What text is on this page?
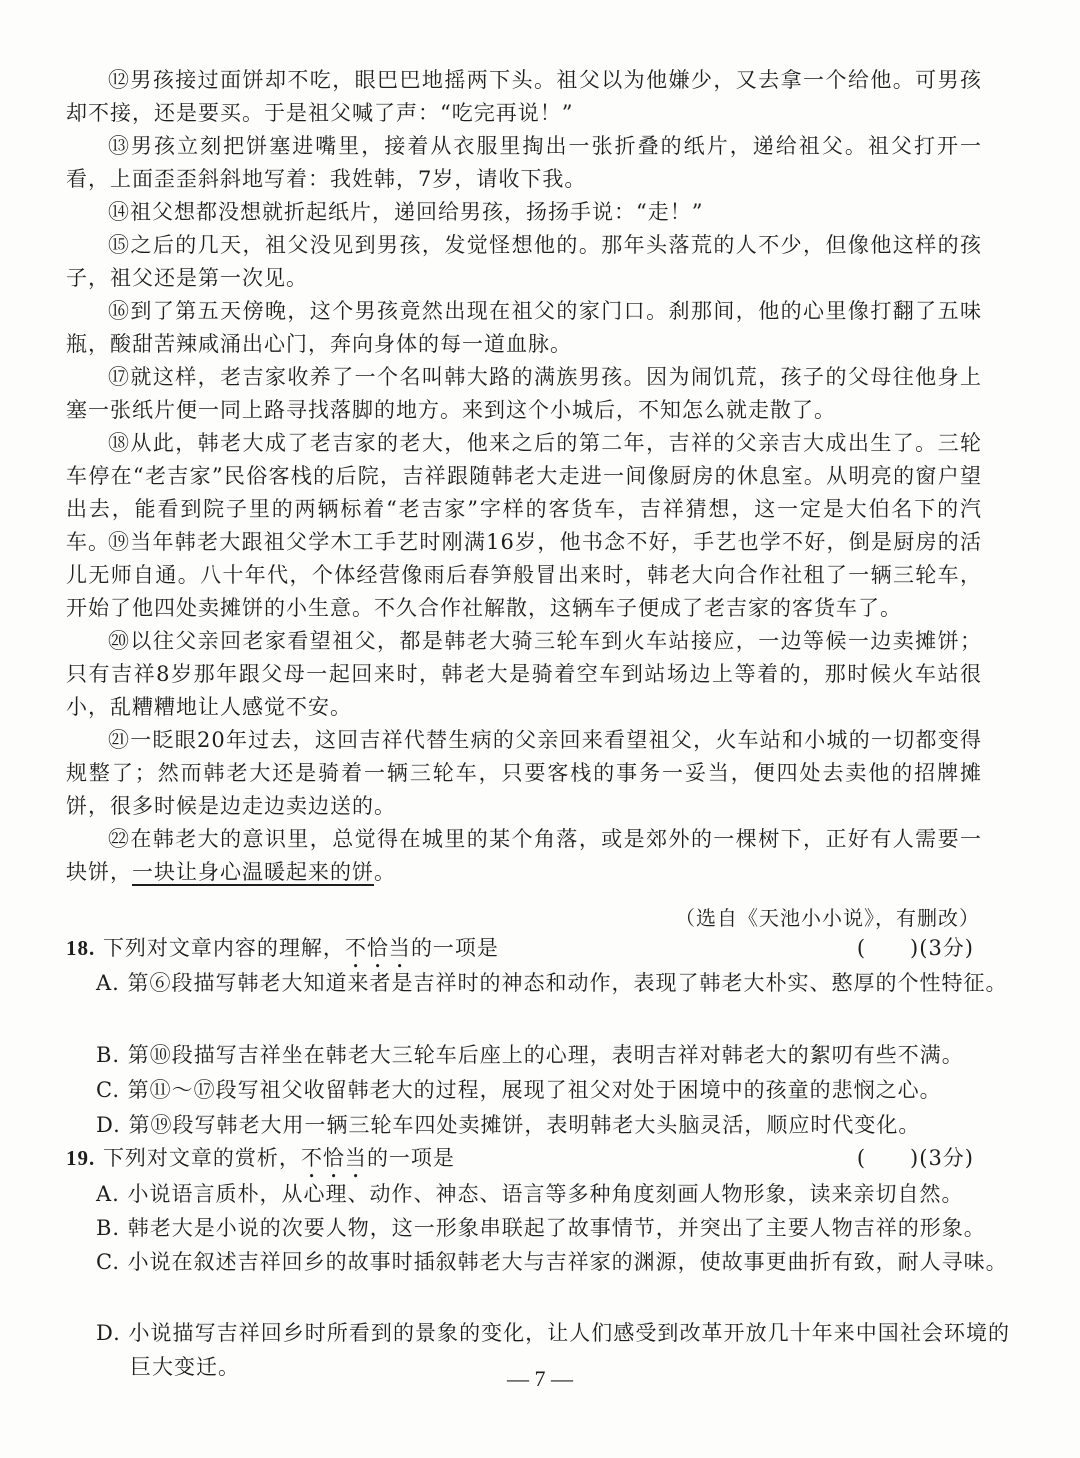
⑫男孩接过面饼却不吃，眼巴巴地摇两下头。祖父以为他嫌少，又去拿一个给他。可男孩却不接，还是要买。于是祖父喊了声：“吃完再说！”
⑬男孩立刻把饼塞进嘴里，接着从衣服里掏出一张折叠的纸片，递给祖父。祖父打开一看，上面歪歪斜斜地写着：我姓韩，7岁，请收下我。
⑭祖父想都没想就折起纸片，递回给男孩，扬扬手说：“走！”
⑮之后的几天，祖父没见到男孩，发觉怪想他的。那年头落荒的人不少，但像他这样的孩子，祖父还是第一次见。
⑯到了第五天傍晚，这个男孩竟然出现在祖父的家门口。刹那间，他的心里像打翻了五味瓶，酸甜苦辣咸涌出心门，奔向身体的每一道血脉。
⑰就这样，老吉家收养了一个名叫韩大路的满族男孩。因为闹饥荒，孩子的父母往他身上塞一张纸片便一同上路寻找落脚的地方。来到这个小城后，不知怎么就走散了。
⑱从此，韩老大成了老吉家的老大，他来之后的第二年，吉祥的父亲吉大成出生了。三轮车停在“老吉家”民俗客栈的后院，吉祥跟随韩老大走进一间像厨房的休息室。从明亮的窗户望出去，能看到院子里的两辆标着“老吉家”字样的客货车，吉祥猜想，这一定是大伯名下的汽车。
⑲当年韩老大跟祖父学木工手艺时刚满16岁，他书念不好，手艺也学不好，倒是厨房的活儿无师自通。八十年代，个体经营像雨后春笋般冒出来时，韩老大向合作社租了一辆三轮车，开始了他四处卖摊饼的小生意。不久合作社解散，这辆车子便成了老吉家的客货车了。
⑳以往父亲回老家看望祖父，都是韩老大骑三轮车到火车站接应，一边等候一边卖摊饼；只有吉祥8岁那年跟父母一起回来时，韩老大是骑着空车到站场边上等着的，那时候火车站很小，乱糟糟地让人感觉不安。
㉑一眨眼20年过去，这回吉祥代替生病的父亲回来看望祖父，火车站和小城的一切都变得规整了；然而韩老大还是骑着一辆三轮车，只要客栈的事务一妥当，便四处去卖他的招牌摊饼，很多时候是边走边卖边送的。
㉒在韩老大的意识里，总觉得在城里的某个角落，或是郊外的一棵树下，正好有人需要一块饼，一块让身心温暖起来的饼。
（选自《天池小小说》，有删改）
18. 下列对文章内容的理解，不恰当的一项是	(　　)(3分)
A. 第⑥段描写韩老大知道来者是吉祥时的神态和动作，表现了韩老大朴实、憨厚的个性特征。
B. 第⑩段描写吉祥坐在韩老大三轮车后座上的心理，表明吉祥对韩老大的絮叨有些不满。
C. 第⑪～⑰段写祖父收留韩老大的过程，展现了祖父对处于困境中的孩童的悲悯之心。
D. 第⑲段写韩老大用一辆三轮车四处卖摊饼，表明韩老大头脑灵活，顺应时代变化。
19. 下列对文章的赏析，不恰当的一项是	(　　)(3分)
A. 小说语言质朴，从心理、动作、神态、语言等多种角度刻画人物形象，读来亲切自然。
B. 韩老大是小说的次要人物，这一形象串联起了故事情节，并突出了主要人物吉祥的形象。
C. 小说在叙述吉祥回乡的故事时插叙韩老大与吉祥家的渊源，使故事更曲折有致，耐人寻味。
D. 小说描写吉祥回乡时所看到的景象的变化，让人们感受到改革开放几十年来中国社会环境的巨大变迁。	— 7 —
